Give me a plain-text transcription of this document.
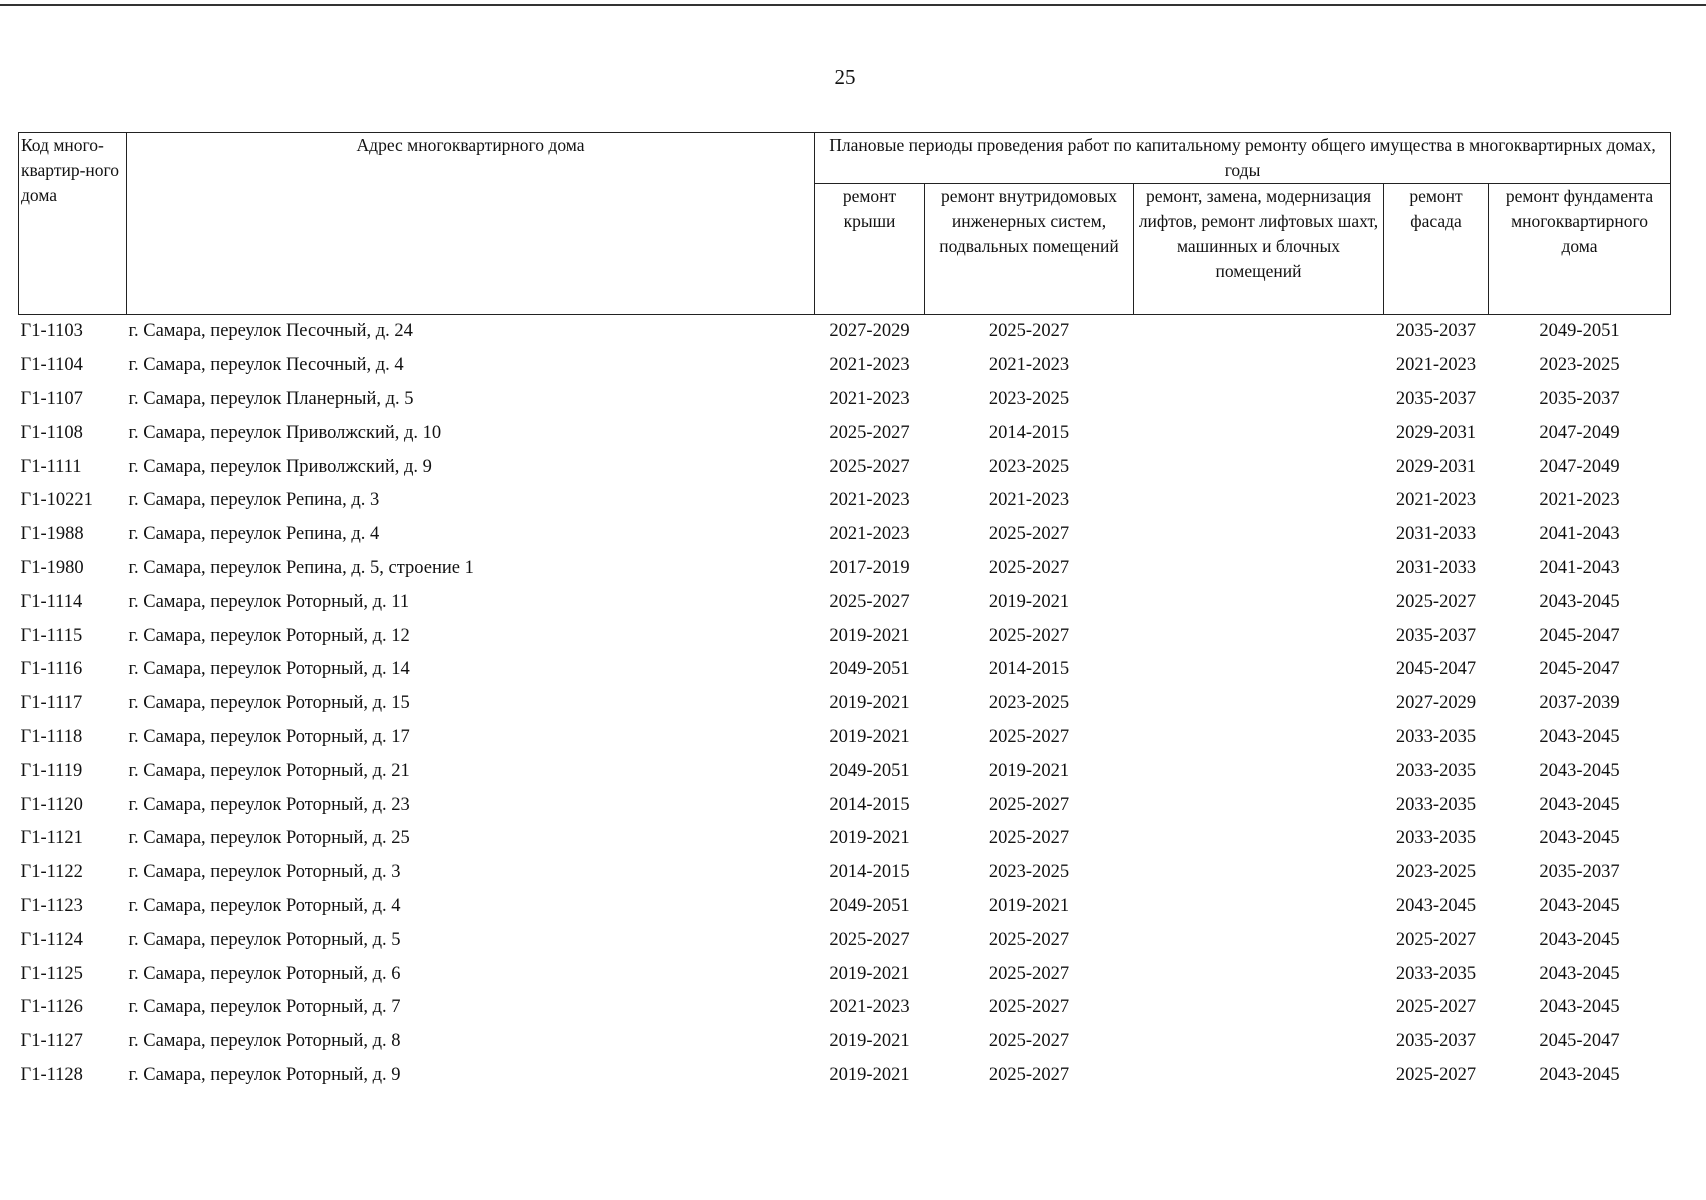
25
Код много-квартир-ного дома	Адрес многоквартирного дома	Плановые периоды проведения работ по капитальному ремонту общего имущества в многоквартирных домах, годы				
		ремонт крыши	ремонт внутридомовых инженерных систем, подвальных помещений	ремонт, замена, модернизация лифтов, ремонт лифтовых шахт, машинных и блочных помещений	ремонт фасада	ремонт фундамента многоквартирного дома
Г1-1103	г. Самара, переулок Песочный, д. 24	2027-2029	2025-2027		2035-2037	2049-2051
Г1-1104	г. Самара, переулок Песочный, д. 4	2021-2023	2021-2023		2021-2023	2023-2025
Г1-1107	г. Самара, переулок Планерный, д. 5	2021-2023	2023-2025		2035-2037	2035-2037
Г1-1108	г. Самара, переулок Приволжский, д. 10	2025-2027	2014-2015		2029-2031	2047-2049
Г1-1111	г. Самара, переулок Приволжский, д. 9	2025-2027	2023-2025		2029-2031	2047-2049
Г1-10221	г. Самара, переулок Репина, д. 3	2021-2023	2021-2023		2021-2023	2021-2023
Г1-1988	г. Самара, переулок Репина, д. 4	2021-2023	2025-2027		2031-2033	2041-2043
Г1-1980	г. Самара, переулок Репина, д. 5, строение 1	2017-2019	2025-2027		2031-2033	2041-2043
Г1-1114	г. Самара, переулок Роторный, д. 11	2025-2027	2019-2021		2025-2027	2043-2045
Г1-1115	г. Самара, переулок Роторный, д. 12	2019-2021	2025-2027		2035-2037	2045-2047
Г1-1116	г. Самара, переулок Роторный, д. 14	2049-2051	2014-2015		2045-2047	2045-2047
Г1-1117	г. Самара, переулок Роторный, д. 15	2019-2021	2023-2025		2027-2029	2037-2039
Г1-1118	г. Самара, переулок Роторный, д. 17	2019-2021	2025-2027		2033-2035	2043-2045
Г1-1119	г. Самара, переулок Роторный, д. 21	2049-2051	2019-2021		2033-2035	2043-2045
Г1-1120	г. Самара, переулок Роторный, д. 23	2014-2015	2025-2027		2033-2035	2043-2045
Г1-1121	г. Самара, переулок Роторный, д. 25	2019-2021	2025-2027		2033-2035	2043-2045
Г1-1122	г. Самара, переулок Роторный, д. 3	2014-2015	2023-2025		2023-2025	2035-2037
Г1-1123	г. Самара, переулок Роторный, д. 4	2049-2051	2019-2021		2043-2045	2043-2045
Г1-1124	г. Самара, переулок Роторный, д. 5	2025-2027	2025-2027		2025-2027	2043-2045
Г1-1125	г. Самара, переулок Роторный, д. 6	2019-2021	2025-2027		2033-2035	2043-2045
Г1-1126	г. Самара, переулок Роторный, д. 7	2021-2023	2025-2027		2025-2027	2043-2045
Г1-1127	г. Самара, переулок Роторный, д. 8	2019-2021	2025-2027		2035-2037	2045-2047
Г1-1128	г. Самара, переулок Роторный, д. 9	2019-2021	2025-2027		2025-2027	2043-2045
